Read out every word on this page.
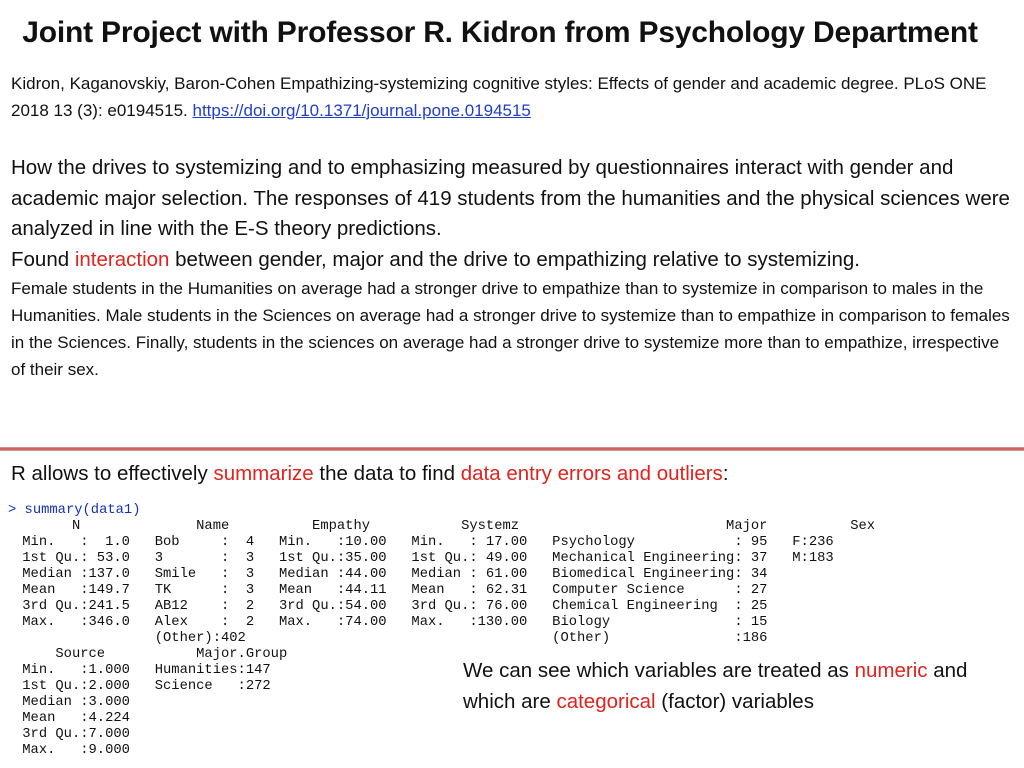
Joint Project with Professor R. Kidron from Psychology Department
Kidron, Kaganovskiy, Baron-Cohen Empathizing-systemizing cognitive styles: Effects of gender and academic degree. PLoS ONE 2018 13 (3): e0194515. https://doi.org/10.1371/journal.pone.0194515
How the drives to systemizing and to emphasizing measured by questionnaires interact with gender and academic major selection. The responses of 419 students from the humanities and the physical sciences were analyzed in line with the E-S theory predictions.
Found interaction between gender, major and the drive to empathizing relative to systemizing.
Female students in the Humanities on average had a stronger drive to empathize than to systemize in comparison to males in the Humanities. Male students in the Sciences on average had a stronger drive to systemize than to empathize in comparison to females in the Sciences. Finally, students in the sciences on average had a stronger drive to systemize more than to empathize, irrespective of their sex.
R allows to effectively summarize the data to find data entry errors and outliers:
> summary(data1)
N              Name          Empathy           Systemz                         Major          Sex
Min.   :  1.0   Bob     :  4   Min.   :10.00   Min.   : 17.00   Psychology            : 95   F:236
1st Qu.: 53.0   3       :  3   1st Qu.:35.00   1st Qu.: 49.00   Mechanical Engineering: 37   M:183
Median :137.0   Smile   :  3   Median :44.00   Median : 61.00   Biomedical Engineering: 34
Mean   :149.7   TK      :  3   Mean   :44.11   Mean   : 62.31   Computer Science      : 27
3rd Qu.:241.5   AB12    :  2   3rd Qu.:54.00   3rd Qu.: 76.00   Chemical Engineering  : 25
Max.   :346.0   Alex    :  2   Max.   :74.00   Max.   :130.00   Biology               : 15
(Other):402                                     (Other)               :186
Source           Major.Group
Min.   :1.000   Humanities:147
1st Qu.:2.000   Science   :272
Median :3.000
Mean   :4.224
3rd Qu.:7.000
Max.   :9.000
We can see which variables are treated as numeric and which are categorical (factor) variables
